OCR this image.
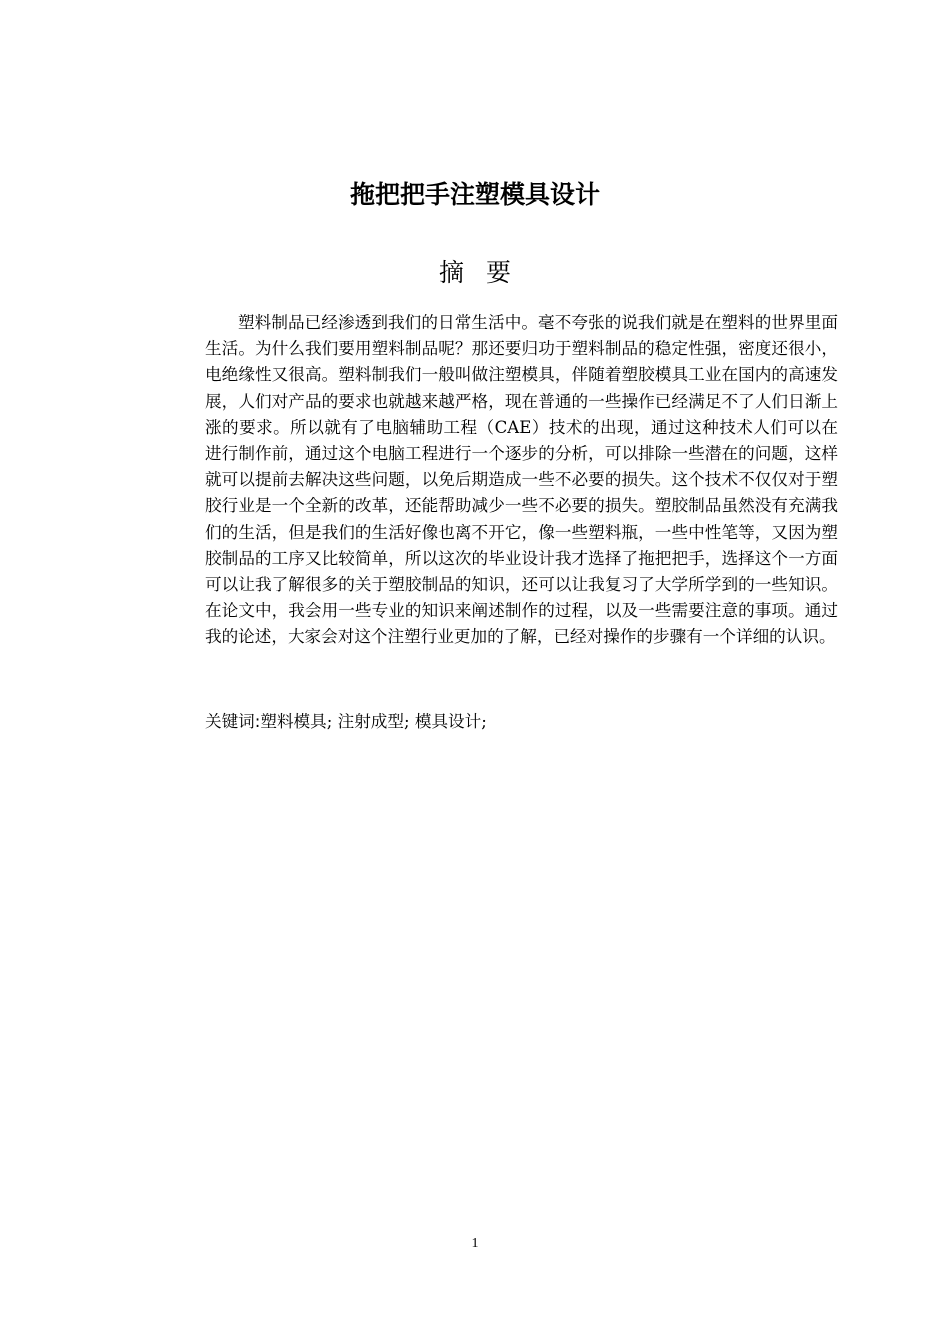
拖把把手注塑模具设计
摘 要

塑料制品已经渗透到我们的日常生活中。毫不夸张的说我们就是在塑料的世界里面生活。为什么我们要用塑料制品呢？那还要归功于塑料制品的稳定性强，密度还很小，电绝缘性又很高。塑料制我们一般叫做注塑模具，伴随着塑胶模具工业在国内的高速发展，人们对产品的要求也就越来越严格，现在普通的一些操作已经满足不了人们日渐上涨的要求。所以就有了电脑辅助工程（CAE）技术的出现，通过这种技术人们可以在进行制作前，通过这个电脑工程进行一个逐步的分析，可以排除一些潜在的问题，这样就可以提前去解决这些问题，以免后期造成一些不必要的损失。这个技术不仅仅对于塑胶行业是一个全新的改革，还能帮助减少一些不必要的损失。塑胶制品虽然没有充满我们的生活，但是我们的生活好像也离不开它，像一些塑料瓶，一些中性笔等，又因为塑胶制品的工序又比较简单，所以这次的毕业设计我才选择了拖把把手，选择这个一方面可以让我了解很多的关于塑胶制品的知识，还可以让我复习了大学所学到的一些知识。在论文中，我会用一些专业的知识来阐述制作的过程，以及一些需要注意的事项。通过我的论述，大家会对这个注塑行业更加的了解，已经对操作的步骤有一个详细的认识。

关键词:塑料模具; 注射成型; 模具设计;

1
